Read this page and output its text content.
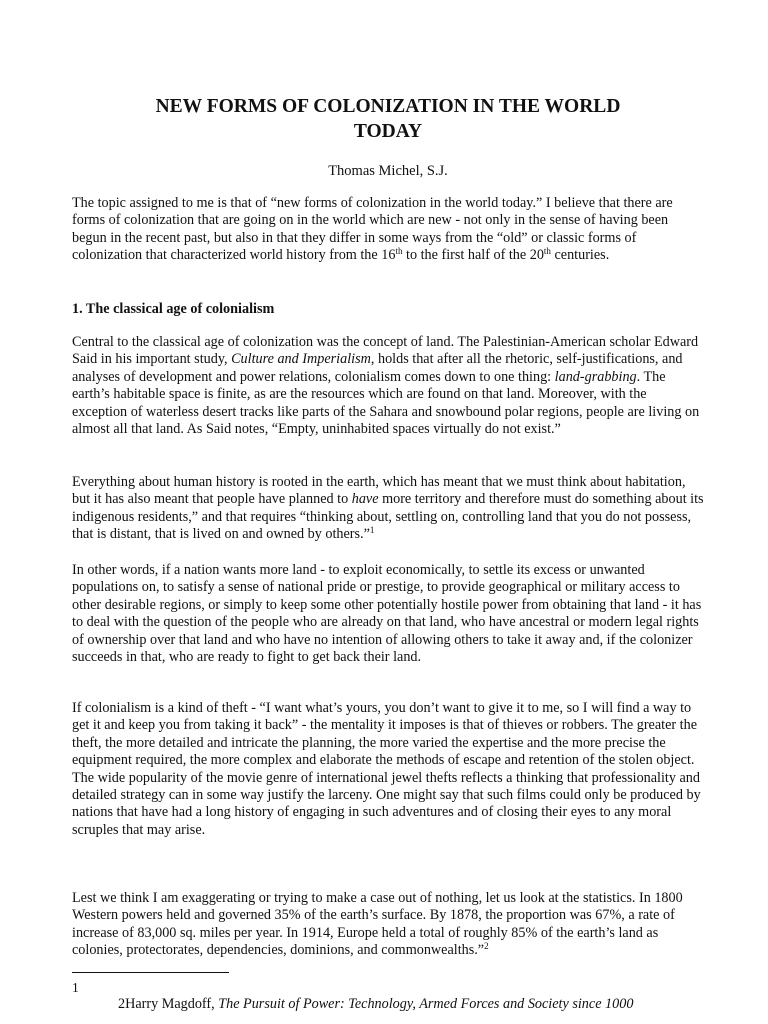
NEW FORMS OF COLONIZATION IN THE WORLD
TODAY

Thomas Michel, S.J.

The topic assigned to me is that of “new forms of colonization in the world today.” I believe that there are forms of colonization that are going on in the world which are new - not only in the sense of having been begun in the recent past, but also in that they differ in some ways from the “old” or classic forms of colonization that characterized world history from the 16th to the first half of the 20th centuries.

1. The classical age of colonialism

Central to the classical age of colonization was the concept of land. The Palestinian-American scholar Edward Said in his important study, Culture and Imperialism, holds that after all the rhetoric, self-justifications, and analyses of development and power relations, colonialism comes down to one thing: land-grabbing. The earth’s habitable space is finite, as are the resources which are found on that land. Moreover, with the exception of waterless desert tracks like parts of the Sahara and snowbound polar regions, people are living on almost all that land. As Said notes, “Empty, uninhabited spaces virtually do not exist.”

Everything about human history is rooted in the earth, which has meant that we must think about habitation, but it has also meant that people have planned to have more territory and therefore must do something about its indigenous residents,” and that requires “thinking about, settling on, controlling land that you do not possess, that is distant, that is lived on and owned by others.”$^1$

In other words, if a nation wants more land - to exploit economically, to settle its excess or unwanted populations on, to satisfy a sense of national pride or prestige, to provide geographical or military access to other desirable regions, or simply to keep some other potentially hostile power from obtaining that land - it has to deal with the question of the people who are already on that land, who have ancestral or modern legal rights of ownership over that land and who have no intention of allowing others to take it away and, if the colonizer succeeds in that, who are ready to fight to get back their land.

If colonialism is a kind of theft - “I want what’s yours, you don’t want to give it to me, so I will find a way to get it and keep you from taking it back” - the mentality it imposes is that of thieves or robbers. The greater the theft, the more detailed and intricate the planning, the more varied the expertise and the more precise the equipment required, the more complex and elaborate the methods of escape and retention of the stolen object. The wide popularity of the movie genre of international jewel thefts reflects a thinking that professionality and detailed strategy can in some way justify the larceny. One might say that such films could only be produced by nations that have had a long history of engaging in such adventures and of closing their eyes to any moral scruples that may arise.

Lest we think I am exaggerating or trying to make a case out of nothing, let us look at the statistics. In 1800 Western powers held and governed 35% of the earth’s surface. By 1878, the proportion was 67%, a rate of increase of 83,000 sq. miles per year. In 1914, Europe held a total of roughly 85% of the earth’s land as colonies, protectorates, dependencies, dominions, and commonwealths.”$^2$

1

2Harry Magdoff, The Pursuit of Power: Technology, Armed Forces and Society since 1000
